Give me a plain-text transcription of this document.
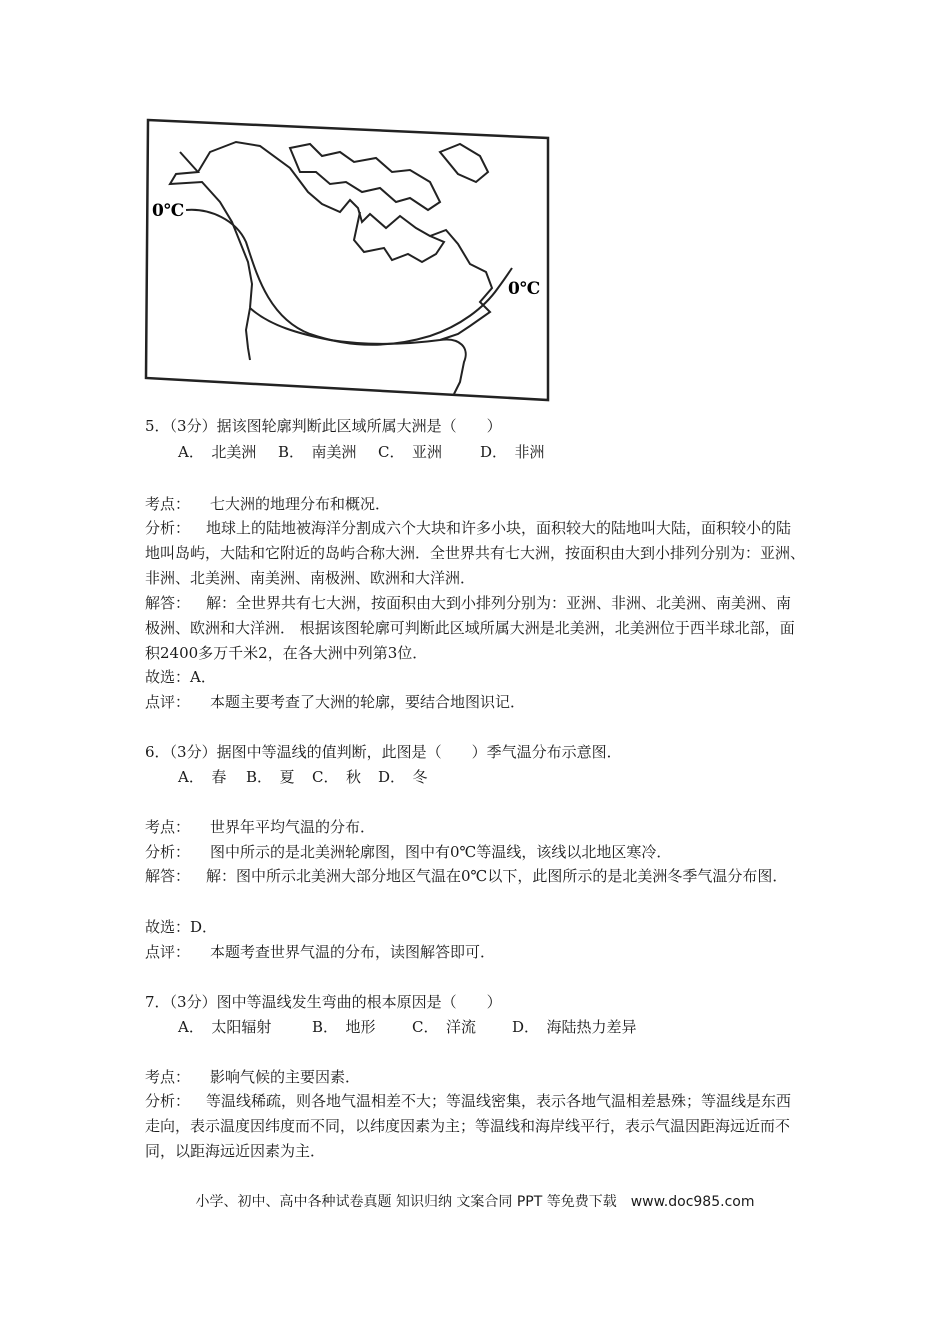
0℃
0℃
5．（3分）据该图轮廓判断此区域所属大洲是（　　）
A．　北美洲 B．　南美洲 C．　亚洲	D．　非洲
考点： 七大洲的地理分布和概况．
分析： 地球上的陆地被海洋分割成六个大块和许多小块，面积较大的陆地叫大陆，面积较小的陆地叫岛屿，大陆和它附近的岛屿合称大洲．全世界共有七大洲，按面积由大到小排列分别为：亚洲、非洲、北美洲、南美洲、南极洲、欧洲和大洋洲．
解答： 解：全世界共有七大洲，按面积由大到小排列分别为：亚洲、非洲、北美洲、南美洲、南极洲、欧洲和大洋洲． 根据该图轮廓可判断此区域所属大洲是北美洲，北美洲位于西半球北部，面积2400多万千米2，在各大洲中列第3位．
故选：A．
点评： 本题主要考查了大洲的轮廓，要结合地图识记．
6．（3分）据图中等温线的值判断，此图是（　　）季气温分布示意图．
A．　春 B．　夏 C．　秋 D．　冬
考点： 世界年平均气温的分布．
分析： 图中所示的是北美洲轮廓图，图中有0℃等温线，该线以北地区寒冷．
解答： 解：图中所示北美洲大部分地区气温在0℃以下，此图所示的是北美洲冬季气温分布图．
故选：D．
点评： 本题考查世界气温的分布，读图解答即可．
7．（3分）图中等温线发生弯曲的根本原因是（　　）
A．　太阳辐射	B．　地形 C．　洋流 D．　海陆热力差异
考点： 影响气候的主要因素．
分析： 等温线稀疏，则各地气温相差不大；等温线密集，表示各地气温相差悬殊；等温线是东西走向，表示温度因纬度而不同，以纬度因素为主；等温线和海岸线平行，表示气温因距海远近而不同，以距海远近因素为主．
小学、初中、高中各种试卷真题 知识归纳 文案合同 PPT 等免费下载　www.doc985.com
